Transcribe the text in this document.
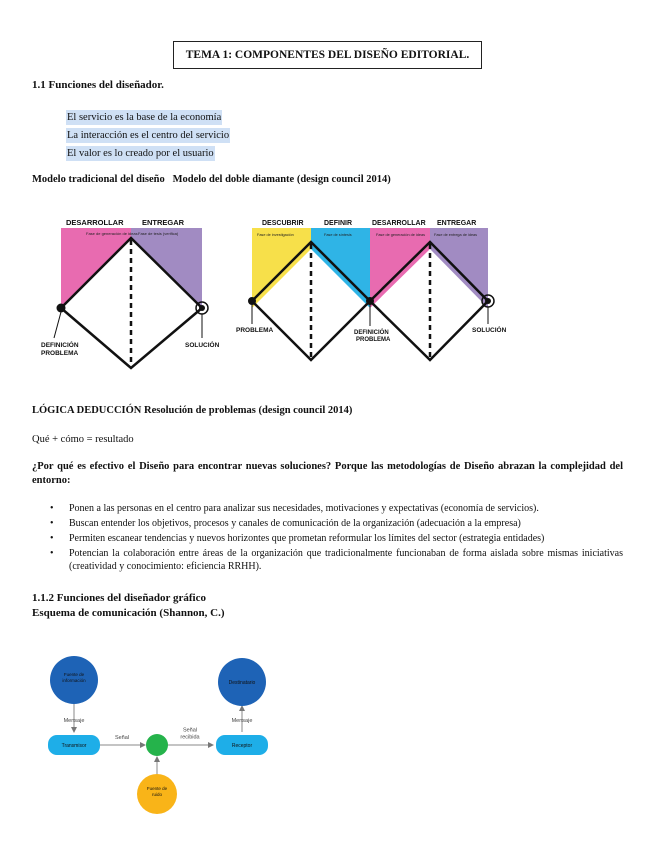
TEMA 1: COMPONENTES DEL DISEÑO EDITORIAL.
1.1 Funciones del diseñador.
El servicio es la base de la economía
La interacción es el centro del servicio
El valor es lo creado por el usuario
Modelo tradicional del diseño   Modelo del doble diamante (design council 2014)
DESARROLLAR ENTREGAR
Fase de generación de ideas Fase de tesis (verifica)
DEFINICIÓN
PROBLEMA
SOLUCIÓN
DESCUBRIR	DEFINIR	DESARROLLAR ENTREGAR
Fase de investigación	Fase de síntesis	Fase de generación de ideas Fase de entrega de ideas
PROBLEMA	DEFINICIÓN
PROBLEMA
SOLUCIÓN
LÓGICA DEDUCCIÓN Resolución de problemas (design council 2014)
Qué + cómo = resultado
¿Por qué es efectivo el Diseño para encontrar nuevas soluciones? Porque las metodologías de Diseño abrazan la complejidad del entorno:
• Ponen a las personas en el centro para analizar sus necesidades, motivaciones y expectativas (economía de servicios).
• Buscan entender los objetivos, procesos y canales de comunicación de la organización (adecuación a la empresa)
• Permiten escanear tendencias y nuevos horizontes que prometan reformular los límites del sector (estrategia entidades)
• Potencian la colaboración entre áreas de la organización que tradicionalmente funcionaban de forma aislada sobre mismas iniciativas (creatividad y conocimiento: eficiencia RRHH).
1.1.2 Funciones del diseñador gráfico
Esquema de comunicación (Shannon, C.)
Fuente de información	Destinatario
Transmisor	Receptor
Fuente de ruido
Mensaje	Mensaje
Señal
Señal recibida
